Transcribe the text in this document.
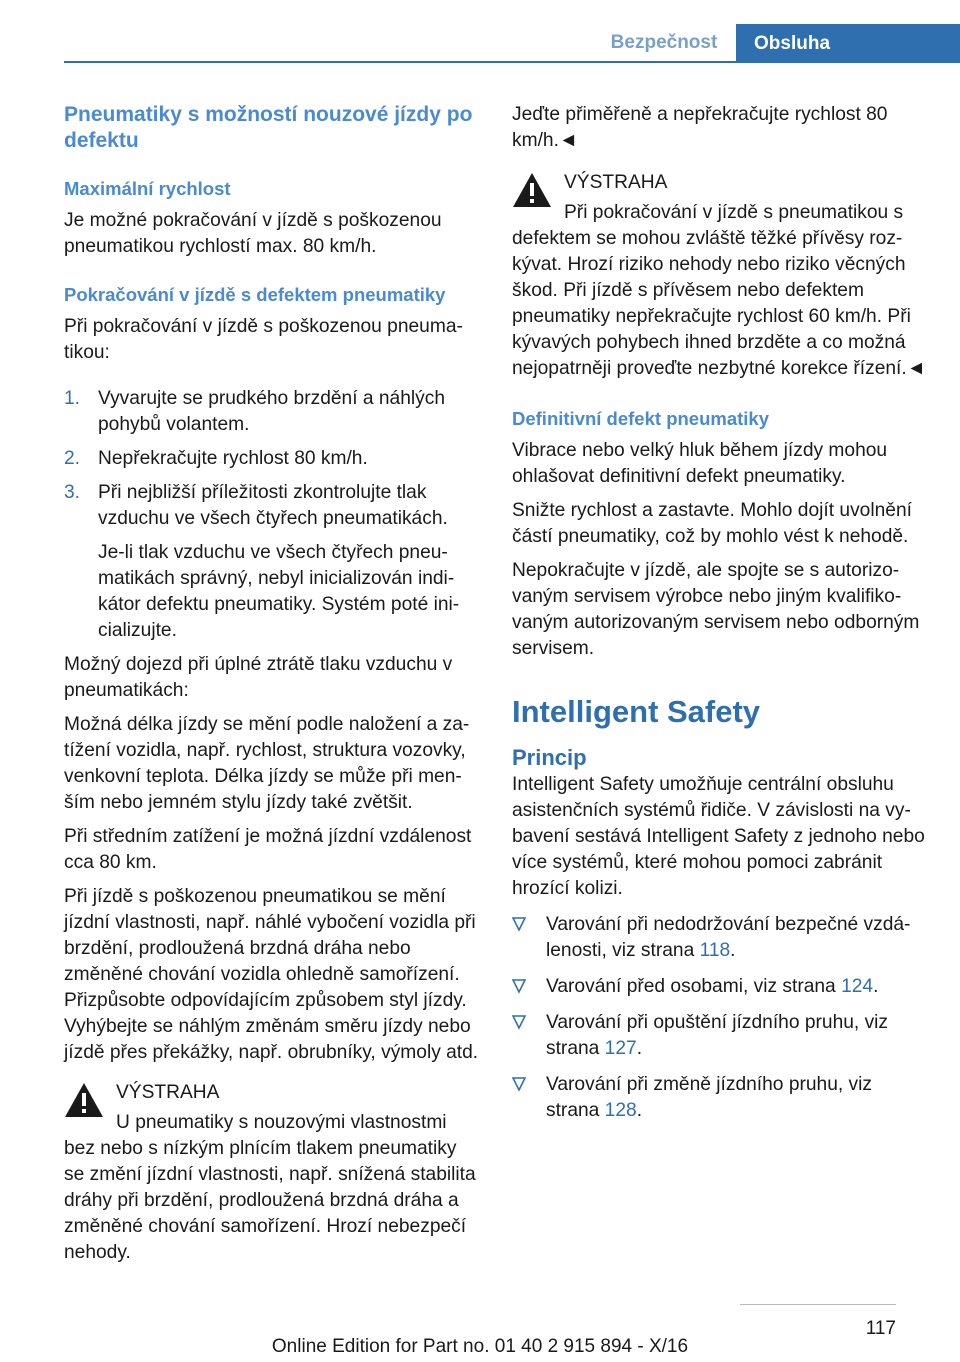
Bezpečnost	Obsluha
Pneumatiky s možností nouzové jízdy po defektu
Maximální rychlost

Je možné pokračování v jízdě s poškozenou pneumatikou rychlostí max. 80 km/h.

Pokračování v jízdě s defektem pneumatiky

Při pokračování v jízdě s poškozenou pneumatikou:

1. Vyvarujte se prudkého brzdění a náhlých pohybů volantem.
2. Nepřekračujte rychlost 80 km/h.
3. Při nejbližší příležitosti zkontrolujte tlak vzduchu ve všech čtyřech pneumatikách.

Je-li tlak vzduchu ve všech čtyřech pneumatikách správný, nebyl inicializován indikátor defektu pneumatiky. Systém poté inicializujte.

Možný dojezd při úplné ztrátě tlaku vzduchu v pneumatikách:

Možná délka jízdy se mění podle naložení a zatížení vozidla, např. rychlost, struktura vozovky, venkovní teplota. Délka jízdy se může při menším nebo jemném stylu jízdy také zvětšit.

Při středním zatížení je možná jízdní vzdálenost cca 80 km.

Při jízdě s poškozenou pneumatikou se mění jízdní vlastnosti, např. náhlé vybočení vozidla při brzdění, prodloužená brzdná dráha nebo změněné chování vozidla ohledně samořízení. Přizpůsobte odpovídajícím způsobem styl jízdy. Vyhýbejte se náhlým změnám směru jízdy nebo jízdě přes překážky, např. obrubníky, výmoly atd.

VÝSTRAHA

U pneumatiky s nouzovými vlastnostmi

bez nebo s nízkým plnícím tlakem pneumatiky se změní jízdní vlastnosti, např. snížená stabilita dráhy při brzdění, prodloužená brzdná dráha a změněné chování samořízení. Hrozí nebezpečí nehody.

Jeďte přiměřeně a nepřekračujte rychlost 80 km/h.◄

VÝSTRAHA

Při pokračování v jízdě s pneumatikou s

defektem se mohou zvláště těžké přívěsy rozkývat. Hrozí riziko nehody nebo riziko věcných škod. Při jízdě s přívěsem nebo defektem pneumatiky nepřekračujte rychlost 60 km/h. Při kývavých pohybech ihned brzděte a co možná nejopatrněji proveďte nezbytné korekce řízení.◄

Definitivní defekt pneumatiky

Vibrace nebo velký hluk během jízdy mohou ohlašovat definitivní defekt pneumatiky.

Snižte rychlost a zastavte. Mohlo dojít uvolnění částí pneumatiky, což by mohlo vést k nehodě.

Nepokračujte v jízdě, ale spojte se s autorizovaným servisem výrobce nebo jiným kvalifikovaným autorizovaným servisem nebo odborným servisem.

Intelligent Safety
Princip

Intelligent Safety umožňuje centrální obsluhu asistenčních systémů řidiče. V závislosti na vybavení sestává Intelligent Safety z jednoho nebo více systémů, které mohou pomoci zabránit hrozící kolizi.

Varování při nedodržování bezpečné vzdálenosti, viz strana 118.
Varování před osobami, viz strana 124.
Varování při opuštění jízdního pruhu, viz strana 127.
Varování při změně jízdního pruhu, viz strana 128.
117
Online Edition for Part no. 01 40 2 915 894 - X/16
